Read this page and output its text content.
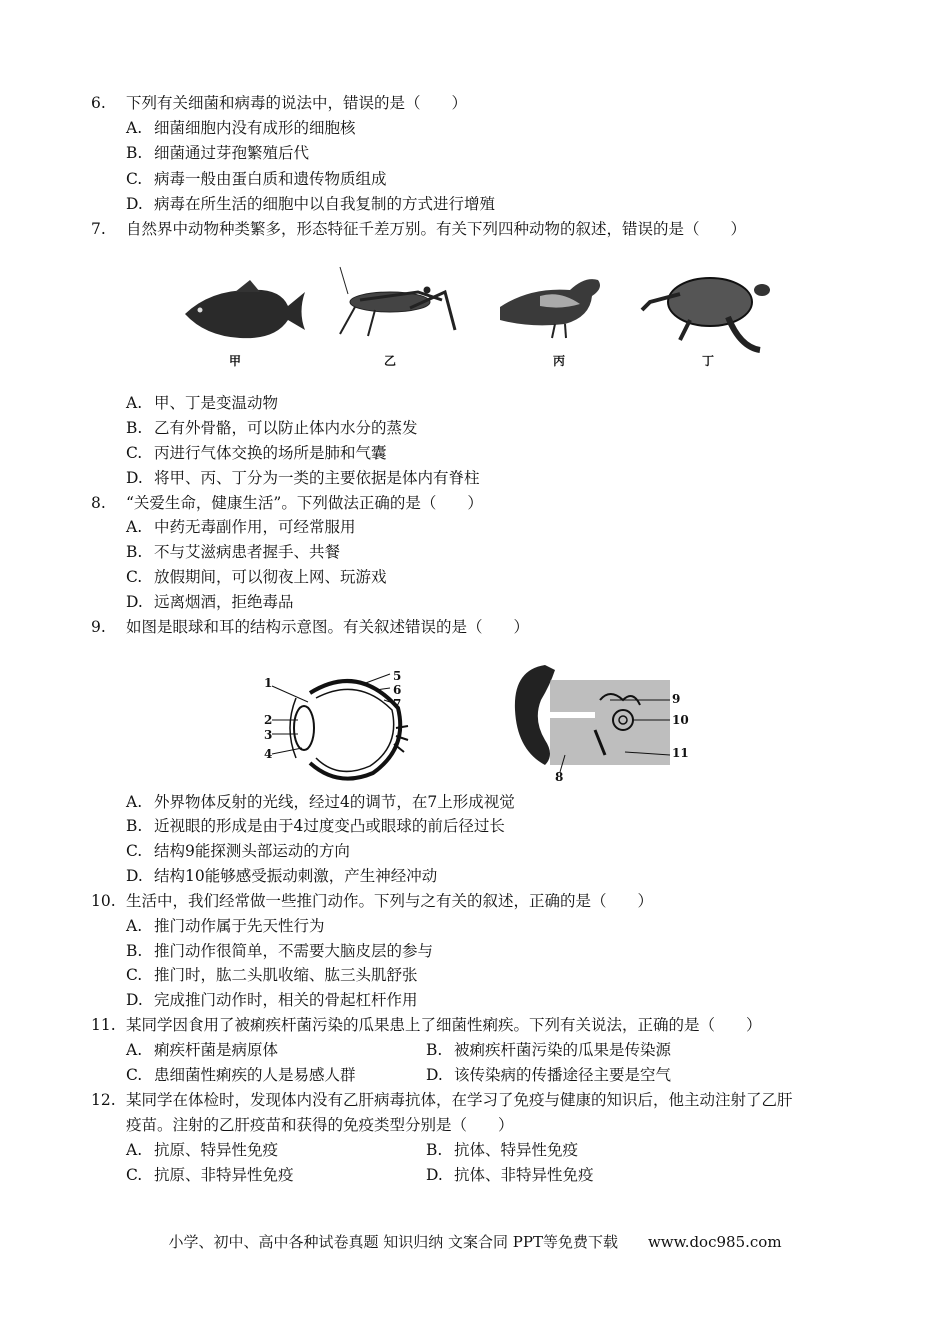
6. 下列有关细菌和病毒的说法中，错误的是（　　）
A. 细菌细胞内没有成形的细胞核
B. 细菌通过芽孢繁殖后代
C. 病毒一般由蛋白质和遗传物质组成
D. 病毒在所生活的细胞中以自我复制的方式进行增殖
7. 自然界中动物种类繁多，形态特征千差万别。有关下列四种动物的叙述，错误的是（　　）
甲	乙	丙	丁
A. 甲、丁是变温动物
B. 乙有外骨骼，可以防止体内水分的蒸发
C. 丙进行气体交换的场所是肺和气囊
D. 将甲、丙、丁分为一类的主要依据是体内有脊柱
8. “关爱生命，健康生活”。下列做法正确的是（　　）
A. 中药无毒副作用，可经常服用
B. 不与艾滋病患者握手、共餐
C. 放假期间，可以彻夜上网、玩游戏
D. 远离烟酒，拒绝毒品
9. 如图是眼球和耳的结构示意图。有关叙述错误的是（　　）
1
2
3
4
5
6
7	9
10
11
8
A. 外界物体反射的光线，经过4的调节，在7上形成视觉
B. 近视眼的形成是由于4过度变凸或眼球的前后径过长
C. 结构9能探测头部运动的方向
D. 结构10能够感受振动刺激，产生神经冲动
10. 生活中，我们经常做一些推门动作。下列与之有关的叙述，正确的是（　　）
A. 推门动作属于先天性行为
B. 推门动作很简单，不需要大脑皮层的参与
C. 推门时，肱二头肌收缩、肱三头肌舒张
D. 完成推门动作时，相关的骨起杠杆作用
11. 某同学因食用了被痢疾杆菌污染的瓜果患上了细菌性痢疾。下列有关说法，正确的是（　　）
A. 痢疾杆菌是病原体	B. 被痢疾杆菌污染的瓜果是传染源
C. 患细菌性痢疾的人是易感人群	D. 该传染病的传播途径主要是空气
12. 某同学在体检时，发现体内没有乙肝病毒抗体，在学习了免疫与健康的知识后，他主动注射了乙肝
疫苗。注射的乙肝疫苗和获得的免疫类型分别是（　　）
A. 抗原、特异性免疫	B. 抗体、特异性免疫
C. 抗原、非特异性免疫	D. 抗体、非特异性免疫
小学、初中、高中各种试卷真题 知识归纳 文案合同 PPT等免费下载　　www.doc985.com
